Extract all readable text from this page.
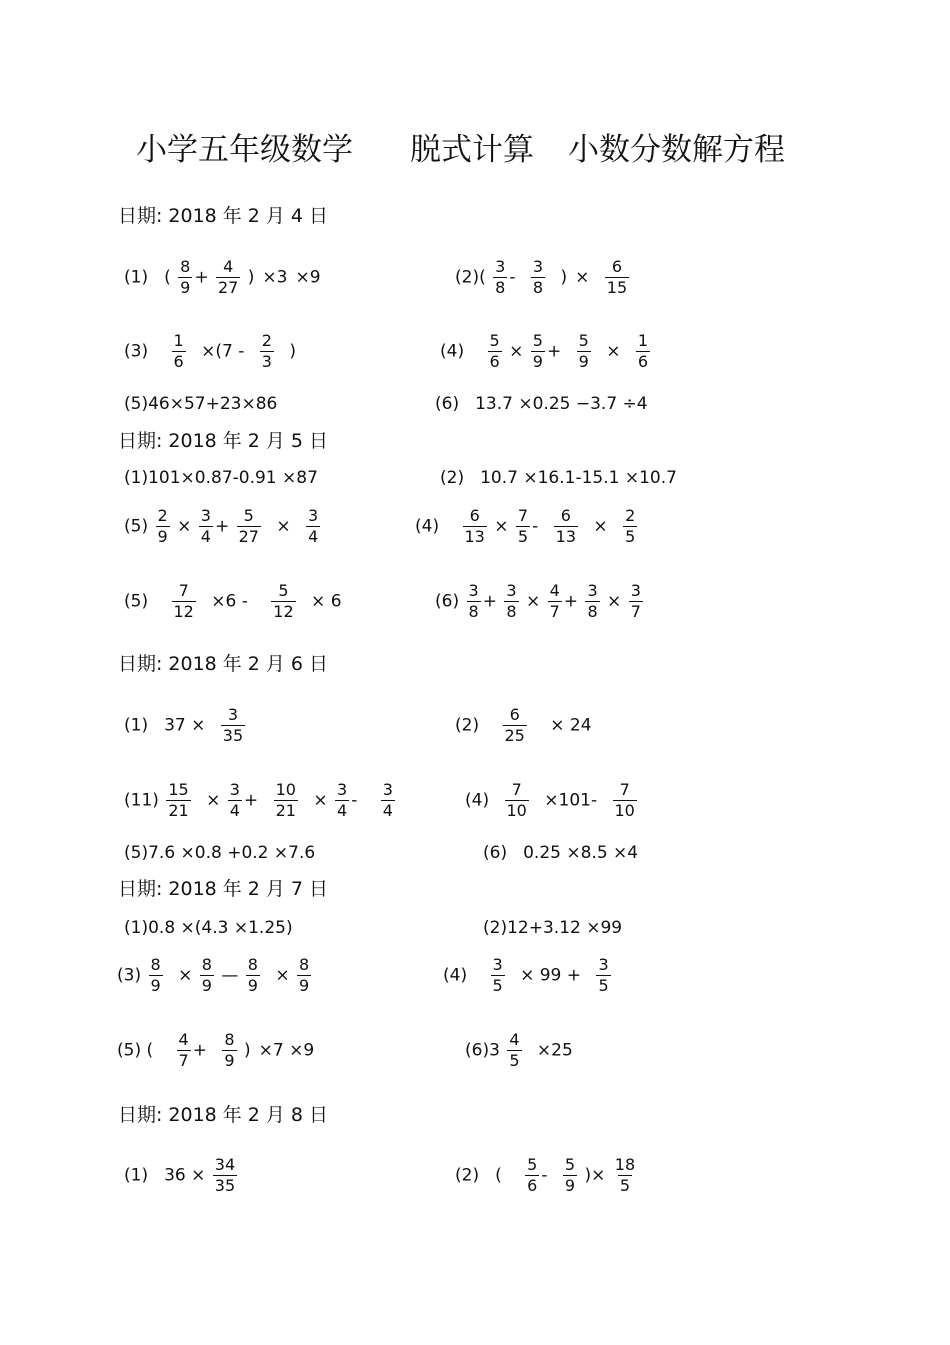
小学五年级数学 脱式计算 小数分数解方程
日期: 2018 年 2 月 4 日
(1) ( $\frac{8}{9} + \frac{4}{27}$ ) ×3 ×9	$(2)( \frac{3}{8} - \frac{3}{8}$ ) × $\frac{6}{15}$
$(3) \frac{1}{6} \times(7 - \frac{2}{3}$ )	$(4) \frac{5}{6} \times \frac{5}{9} + \frac{5}{9} \times \frac{1}{6}$
(5)46×57+23×86	(6) 13.7 ×0.25 −3.7 ÷4
日期: 2018 年 2 月 5 日
(1)101×0.87-0.91 ×87	(2) 10.7 ×16.1-15.1 ×10.7
$(5) \frac{2}{9} \times \frac{3}{4} + \frac{5}{27} \times \frac{3}{4}$	$(4) \frac{6}{13} \times \frac{7}{5} - \frac{6}{13} \times \frac{2}{5}$
$(5) \frac{7}{12} \times 6 - \frac{5}{12} \times 6$	$(6) \frac{3}{8} + \frac{3}{8} \times \frac{4}{7} + \frac{3}{8} \times \frac{3}{7}$
日期: 2018 年 2 月 6 日
(1) $37 \times \frac{3}{35}$	$(2) \frac{6}{25} \times 24$
$(11) \frac{15}{21} \times \frac{3}{4} + \frac{10}{21} \times \frac{3}{4} - \frac{3}{4}$	$(4) \frac{7}{10} \times 101- \frac{7}{10}$
(5)7.6 ×0.8 +0.2 ×7.6	(6) 0.25 ×8.5 ×4
日期: 2018 年 2 月 7 日
(1)0.8 ×(4.3 ×1.25)	(2)12+3.12 ×99
$(3) \frac{8}{9} \times \frac{8}{9}$ — $\frac{8}{9} \times \frac{8}{9}$	$(4) \frac{3}{5} \times 99 + \frac{3}{5}$
(5) ( $\frac{4}{7} + \frac{8}{9}$ ) ×7 ×9	$(6)3 \frac{4}{5} \times 25$
日期: 2018 年 2 月 8 日
(1) $36 \times \frac{34}{35}$	(2) ( $\frac{5}{6} - \frac{5}{9}$ )× $\frac{18}{5}$
